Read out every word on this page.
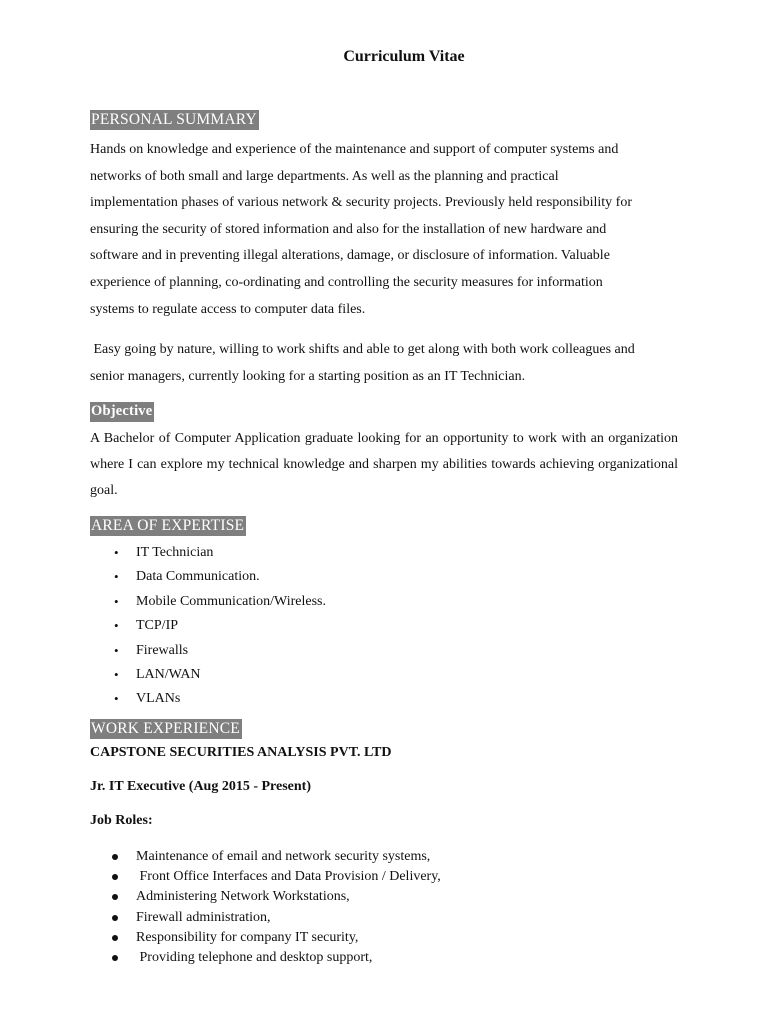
Curriculum Vitae
PERSONAL SUMMARY
Hands on knowledge and experience of the maintenance and support of computer systems and
networks of both small and large departments. As well as the planning and practical
implementation phases of various network & security projects. Previously held responsibility for
ensuring the security of stored information and also for the installation of new hardware and
software and in preventing illegal alterations, damage, or disclosure of information. Valuable
experience of planning, co-ordinating and controlling the security measures for information
systems to regulate access to computer data files.
Easy going by nature, willing to work shifts and able to get along with both work colleagues and
senior managers, currently looking for a starting position as an IT Technician.
Objective

A Bachelor of Computer Application graduate looking for an opportunity to work with an organization where I can explore my technical knowledge and sharpen my abilities towards achieving organizational goal.

AREA OF EXPERTISE
• IT Technician
• Data Communication.
• Mobile Communication/Wireless.
• TCP/IP
• Firewalls
• LAN/WAN
• VLANs
WORK EXPERIENCE
CAPSTONE SECURITIES ANALYSIS PVT. LTD
Jr. IT Executive (Aug 2015 - Present)
Job Roles:
Maintenance of email and network security systems,
Front Office Interfaces and Data Provision / Delivery,
Administering Network Workstations,
Firewall administration,
Responsibility for company IT security,
Providing telephone and desktop support,
